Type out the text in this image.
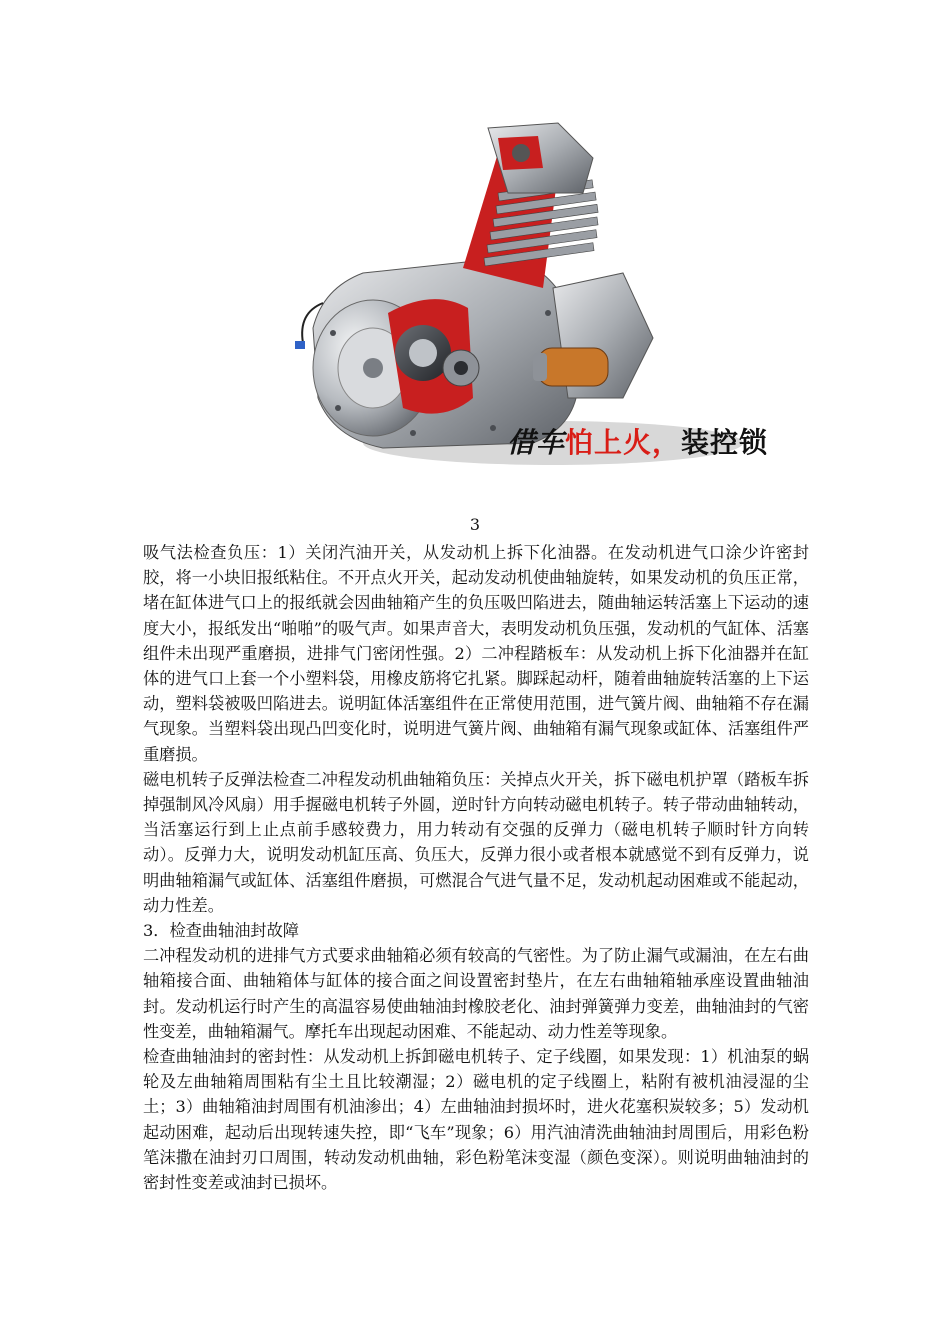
借车怕上火，装控锁
3

吸气法检查负压：1）关闭汽油开关，从发动机上拆下化油器。在发动机进气口涂少许密封胶，将一小块旧报纸粘住。不开点火开关，起动发动机使曲轴旋转，如果发动机的负压正常，堵在缸体进气口上的报纸就会因曲轴箱产生的负压吸凹陷进去，随曲轴运转活塞上下运动的速度大小，报纸发出“啪啪”的吸气声。如果声音大，表明发动机负压强，发动机的气缸体、活塞组件未出现严重磨损，进排气门密闭性强。2）二冲程踏板车：从发动机上拆下化油器并在缸体的进气口上套一个小塑料袋，用橡皮筋将它扎紧。脚踩起动杆，随着曲轴旋转活塞的上下运动，塑料袋被吸凹陷进去。说明缸体活塞组件在正常使用范围，进气簧片阀、曲轴箱不存在漏气现象。当塑料袋出现凸凹变化时，说明进气簧片阀、曲轴箱有漏气现象或缸体、活塞组件严重磨损。

磁电机转子反弹法检查二冲程发动机曲轴箱负压：关掉点火开关，拆下磁电机护罩（踏板车拆掉强制风冷风扇）用手握磁电机转子外圆，逆时针方向转动磁电机转子。转子带动曲轴转动，当活塞运行到上止点前手感较费力，用力转动有交强的反弹力（磁电机转子顺时针方向转动）。反弹力大，说明发动机缸压高、负压大，反弹力很小或者根本就感觉不到有反弹力，说明曲轴箱漏气或缸体、活塞组件磨损，可燃混合气进气量不足，发动机起动困难或不能起动，动力性差。

3．检查曲轴油封故障

二冲程发动机的进排气方式要求曲轴箱必须有较高的气密性。为了防止漏气或漏油，在左右曲轴箱接合面、曲轴箱体与缸体的接合面之间设置密封垫片，在左右曲轴箱轴承座设置曲轴油封。发动机运行时产生的高温容易使曲轴油封橡胶老化、油封弹簧弹力变差，曲轴油封的气密性变差，曲轴箱漏气。摩托车出现起动困难、不能起动、动力性差等现象。

检查曲轴油封的密封性：从发动机上拆卸磁电机转子、定子线圈，如果发现：1）机油泵的蜗轮及左曲轴箱周围粘有尘土且比较潮湿；2）磁电机的定子线圈上，粘附有被机油浸湿的尘土；3）曲轴箱油封周围有机油渗出；4）左曲轴油封损坏时，进火花塞积炭较多；5）发动机起动困难，起动后出现转速失控，即“飞车”现象；6）用汽油清洗曲轴油封周围后，用彩色粉笔沫撒在油封刃口周围，转动发动机曲轴，彩色粉笔沫变湿（颜色变深）。则说明曲轴油封的密封性变差或油封已损坏。
